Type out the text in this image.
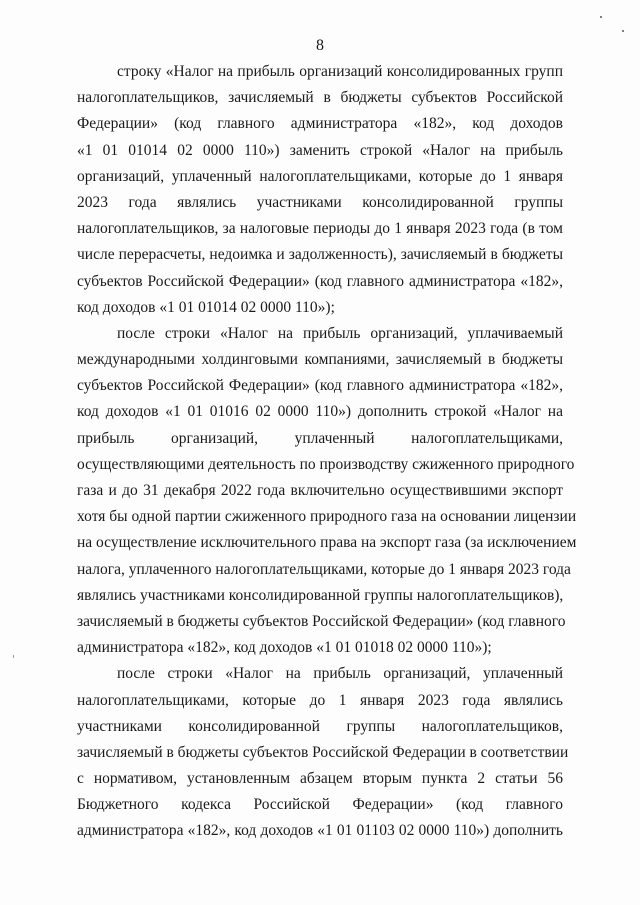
8
строку «Налог на прибыль организаций консолидированных групп
налогоплательщиков, зачисляемый в бюджеты субъектов Российской
Федерации» (код главного администратора «182», код доходов
«1 01 01014 02 0000 110») заменить строкой «Налог на прибыль
организаций, уплаченный налогоплательщиками, которые до 1 января
2023 года являлись участниками консолидированной группы
налогоплательщиков, за налоговые периоды до 1 января 2023 года (в том
числе перерасчеты, недоимка и задолженность), зачисляемый в бюджеты
субъектов Российской Федерации» (код главного администратора «182»,
код доходов «1 01 01014 02 0000 110»);
после строки «Налог на прибыль организаций, уплачиваемый
международными холдинговыми компаниями, зачисляемый в бюджеты
субъектов Российской Федерации» (код главного администратора «182»,
код доходов «1 01 01016 02 0000 110») дополнить строкой «Налог на
прибыль организаций, уплаченный налогоплательщиками,
осуществляющими деятельность по производству сжиженного природного
газа и до 31 декабря 2022 года включительно осуществившими экспорт
хотя бы одной партии сжиженного природного газа на основании лицензии
на осуществление исключительного права на экспорт газа (за исключением
налога, уплаченного налогоплательщиками, которые до 1 января 2023 года
являлись участниками консолидированной группы налогоплательщиков),
зачисляемый в бюджеты субъектов Российской Федерации» (код главного
администратора «182», код доходов «1 01 01018 02 0000 110»);
после строки «Налог на прибыль организаций, уплаченный
налогоплательщиками, которые до 1 января 2023 года являлись
участниками консолидированной группы налогоплательщиков,
зачисляемый в бюджеты субъектов Российской Федерации в соответствии
с нормативом, установленным абзацем вторым пункта 2 статьи 56
Бюджетного кодекса Российской Федерации» (код главного
администратора «182», код доходов «1 01 01103 02 0000 110») дополнить
